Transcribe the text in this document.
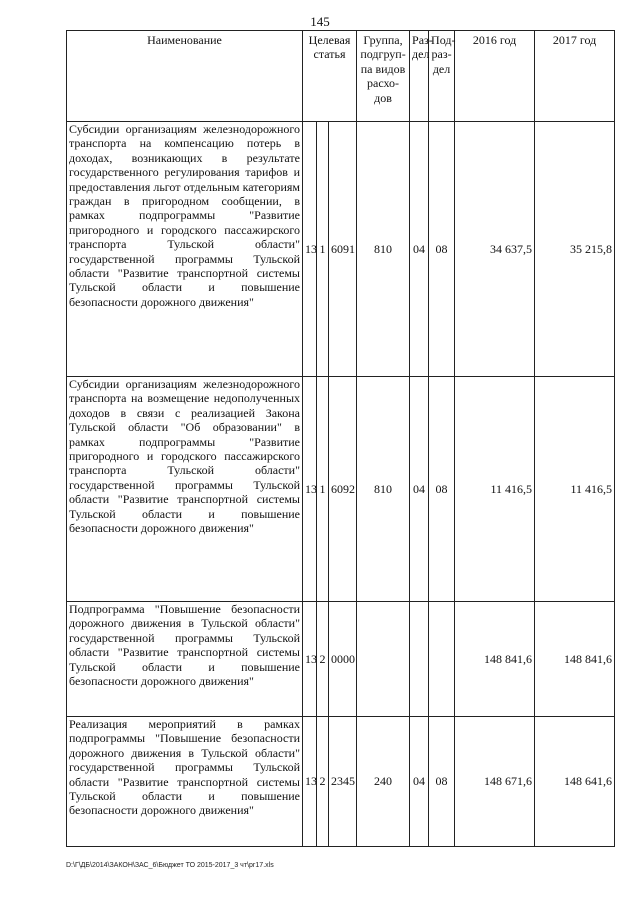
145
Наименование	Целевая статья			Группа, подгруп-па видов расхо-дов	Раз-дел	Под-раз-дел	2016 год	2017 год
Субсидии организациям железнодорожного транспорта на компенсацию потерь в доходах, возникающих в результате государственного регулирования тарифов и предоставления льгот отдельным категориям граждан в пригородном сообщении, в рамках подпрограммы "Развитие пригородного и городского пассажирского транспорта Тульской области" государственной программы Тульской области "Развитие транспортной системы Тульской области и повышение безопасности дорожного движения"	13	1	6091	810	04	08	34 637,5	35 215,8
Субсидии организациям железнодорожного транспорта на возмещение недополученных доходов в связи с реализацией Закона Тульской области "Об образовании" в рамках подпрограммы "Развитие пригородного и городского пассажирского транспорта Тульской области" государственной программы Тульской области "Развитие транспортной системы Тульской области и повышение безопасности дорожного движения"	13	1	6092	810	04	08	11 416,5	11 416,5
Подпрограмма "Повышение безопасности дорожного движения в Тульской области" государственной программы Тульской области "Развитие транспортной системы Тульской области и повышение безопасности дорожного движения"	13	2	0000				148 841,6	148 841,6
Реализация мероприятий в рамках подпрограммы "Повышение безопасности дорожного движения в Тульской области" государственной программы Тульской области "Развитие транспортной системы Тульской области и повышение безопасности дорожного движения"	13	2	2345	240	04	08	148 671,6	148 641,6
D:\Г\ДБ\2014\ЗАКОН\ЗАС_6\Бюджет ТО 2015-2017_3 чт\рг17.xls
